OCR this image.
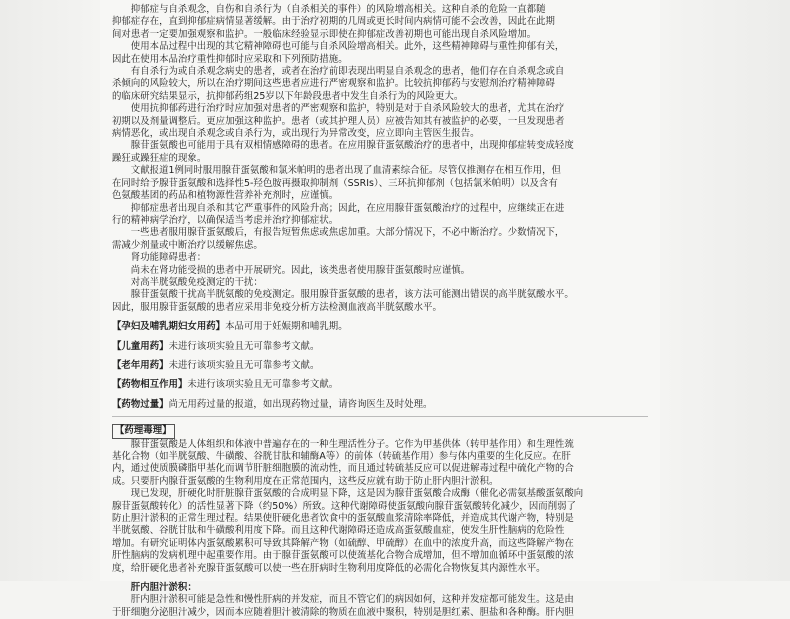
抑郁症与自杀观念，自伤和自杀行为（自杀相关的事件）的风险增高相关。这种自杀的危险一直都随

抑郁症存在，直到抑郁症病情显著缓解。由于治疗初期的几周或更长时间内病情可能不会改善，因此在此期

间对患者一定要加强观察和监护。一般临床经验显示即使在抑郁症改善初期也可能出现自杀风险增加。

使用本品过程中出现的其它精神障碍也可能与自杀风险增高相关。此外，这些精神障碍与重性抑郁有关，

因此在使用本品治疗重性抑郁时应采取和下列预防措施。

有自杀行为或自杀观念病史的患者，或者在治疗前即表现出明显自杀观念的患者，他们存在自杀观念或自

杀倾向的风险较大，所以在治疗期间这些患者应进行严密观察和监护。比较抗抑郁药与安慰剂治疗精神障碍

的临床研究结果显示，抗抑郁药组25岁以下年龄段患者中发生自杀行为的风险更大。

使用抗抑郁药进行治疗时应加强对患者的严密观察和监护，特别是对于自杀风险较大的患者，尤其在治疗

初期以及剂量调整后。更应加强这种监护。患者（或其护理人员）应被告知其有被监护的必要，一旦发现患者

病情恶化，或出现自杀观念或自杀行为，或出现行为异常改变，应立即向主管医生报告。

腺苷蛋氨酸也可能用于具有双相情感障碍的患者。在应用腺苷蛋氨酸治疗的患者中，出现抑郁症转变成轻度

躁狂或躁狂症的现象。

文献报道1例同时服用腺苷蛋氨酸和氯米帕明的患者出现了血清素综合征。尽管仅推测存在相互作用，但

在同时给予腺苷蛋氨酸和选择性5-羟色胺再摄取抑制剂（SSRIs）、三环抗抑郁剂（包括氯米帕明）以及含有

色氨酸基团的药品和植物源性营养补充剂时，应谨慎。

抑郁症患者出现自杀和其它严重事件的风险升高；因此，在应用腺苷蛋氨酸治疗的过程中，应继续正在进

行的精神病学治疗，以确保适当考虑并治疗抑郁症状。

一些患者服用腺苷蛋氨酸后，有报告短暂焦虑或焦虑加重。大部分情况下，不必中断治疗。少数情况下，

需减少剂量或中断治疗以缓解焦虑。

肾功能障碍患者：

尚未在肾功能受损的患者中开展研究。因此，该类患者使用腺苷蛋氨酸时应谨慎。

对高半胱氨酸免疫测定的干扰：

腺苷蛋氨酸干扰高半胱氨酸的免疫测定。服用腺苷蛋氨酸的患者，该方法可能测出错误的高半胱氨酸水平。

因此，服用腺苷蛋氨酸的患者应采用非免疫分析方法检测血液高半胱氨酸水平。

【孕妇及哺乳期妇女用药】本品可用于妊娠期和哺乳期。

【儿童用药】未进行该项实验且无可靠参考文献。

【老年用药】未进行该项实验且无可靠参考文献。

【药物相互作用】未进行该项实验且无可靠参考文献。

【药物过量】尚无用药过量的报道，如出现药物过量，请咨询医生及时处理。

【药理毒理】

腺苷蛋氨酸是人体组织和体液中普遍存在的一种生理活性分子。它作为甲基供体（转甲基作用）和生理性巯

基化合物（如半胱氨酸、牛磺酸、谷胱甘肽和辅酶A等）的前体（转硫基作用）参与体内重要的生化反应。在肝

内，通过使质膜磷脂甲基化而调节肝脏细胞膜的流动性，而且通过转硫基反应可以促进解毒过程中硫化产物的合

成。只要肝内腺苷蛋氨酸的生物利用度在正常范围内，这些反应就有助于防止肝内胆汁淤积。

现已发现，肝硬化时肝脏腺苷蛋氨酸的合成明显下降，这是因为腺苷蛋氨酸合成酶（催化必需氨基酸蛋氨酸向

腺苷蛋氨酸转化）的活性显著下降（约50%）所致。这种代谢障碍使蛋氨酸向腺苷蛋氨酸转化减少，因而削弱了

防止胆汁淤积的正常生理过程。结果使肝硬化患者饮食中的蛋氨酸血浆清除率降低，并造成其代谢产物，特别是

半胱氨酸、谷胱甘肽和牛磺酸利用度下降。而且这种代谢障碍还造成高蛋氨酸血症，使发生肝性脑病的危险性

增加。有研究证明体内蛋氨酸累积可导致其降解产物（如硫醇、甲硫醇）在血中的浓度升高，而这些降解产物在

肝性脑病的发病机理中起重要作用。由于腺苷蛋氨酸可以使巯基化合物合成增加，但不增加血循环中蛋氨酸的浓

度，给肝硬化患者补充腺苷蛋氨酸可以使一些在肝病时生物利用度降低的必需化合物恢复其内源性水平。

肝内胆汁淤积：

肝内胆汁淤积可能是急性和慢性肝病的并发症，而且不管它们的病因如何，这种并发症都可能发生。这是由

于肝细胞分泌胆汁减少，因而本应随着胆汁被清除的物质在血液中聚积，特别是胆红素、胆盐和各种酶。肝内胆
